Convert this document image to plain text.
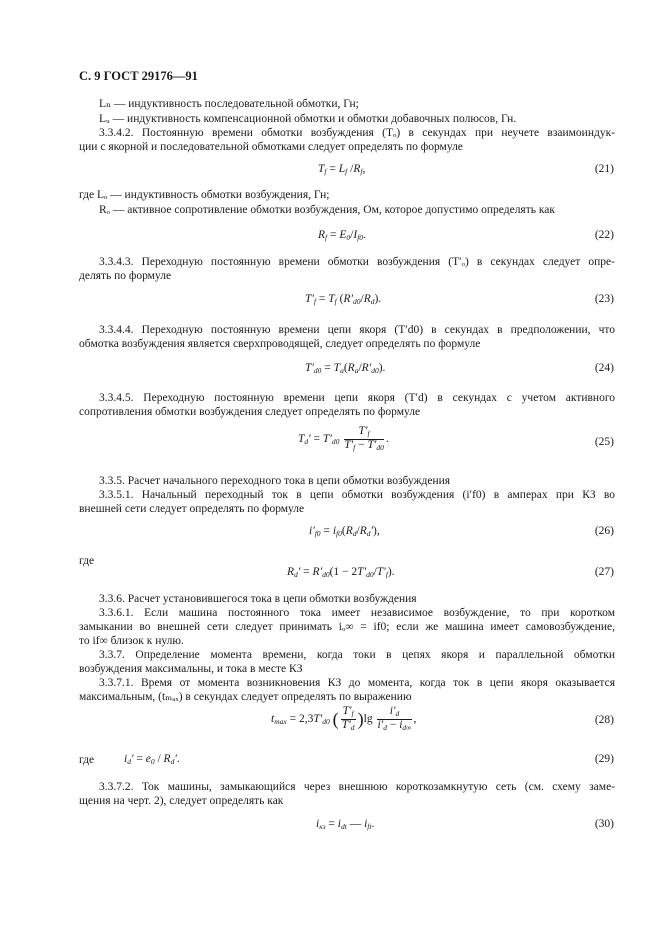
С. 9 ГОСТ 29176—91
Lₙ — индуктивность последовательной обмотки, Гн;
Lᵤ — индуктивность компенсационной обмотки и обмотки добавочных полюсов, Гн.
3.3.4.2. Постоянную времени обмотки возбуждения (Tₒ) в секундах при неучете взаимоиндук-
ции с якорной и последовательной обмотками следует определять по формуле
где Lₒ — индуктивность обмотки возбуждения, Гн;
Rₒ — активное сопротивление обмотки возбуждения, Ом, которое допустимо определять как
3.3.4.3. Переходную постоянную времени обмотки возбуждения (T′ₒ) в секундах следует опре-
делять по формуле
3.3.4.4. Переходную постоянную времени цепи якоря (T′d0) в секундах в предположении, что
обмотка возбуждения является сверхпроводящей, следует определять по формуле
3.3.4.5. Переходную постоянную времени цепи якоря (T′d) в секундах с учетом активного
сопротивления обмотки возбуждения следует определять по формуле
3.3.5. Расчет начального переходного тока в цепи обмотки возбуждения
3.3.5.1. Начальный переходный ток в цепи обмотки возбуждения (i′f0) в амперах при КЗ во
внешней сети следует определять по формуле
где
3.3.6. Расчет установившегося тока в цепи обмотки возбуждения
3.3.6.1. Если машина постоянного тока имеет независимое возбуждение, то при коротком
замыкании во внешней сети следует принимать iₒ∞ = if0; если же машина имеет самовозбуждение,
то if∞ близок к нулю.
3.3.7. Определение момента времени, когда токи в цепях якоря и параллельной обмотки
возбуждения максимальны, и тока в месте КЗ
3.3.7.1. Время от момента возникновения КЗ до момента, когда ток в цепи якоря оказывается
максимальным, (tₘₐₓ) в секундах следует определять по выражению
где
3.3.7.2. Ток машины, замыкающийся через внешнюю короткозамкнутую сеть (см. схему заме-
щения на черт. 2), следует определять как
$T_f = L_f$ $/R_f$,
$R_f = E_0/I_{f0}$.
$T'_f = T_f$ $(R'_{d0}/R_d)$.
$T'_{d0} = T_a(R_a/R'_{d0})$.
$T_d' = T'_{d0} \frac{T'_f}{T'_f - T'_{d0}}$ .
$i'_{f0} = i_{f0}(R_d/R_d')$,
$R_d' = R'_{d0}(1 - 2T'_{d0}/T'_f)$.
$t_{max} = 2,3T'_{d0}$ ( $\frac{T'_f}{T'_d} )\lg \frac{i'_d}{i'_d - i_{d\infty}}$ ,
$i_d' = e_0 / R_d'$.
$i_{кз} = i_{dt}$ — $i_{ft}$.
(21)
(22)
(23)
(24)
(25)
(26)
(27)
(28)
(29)
(30)
